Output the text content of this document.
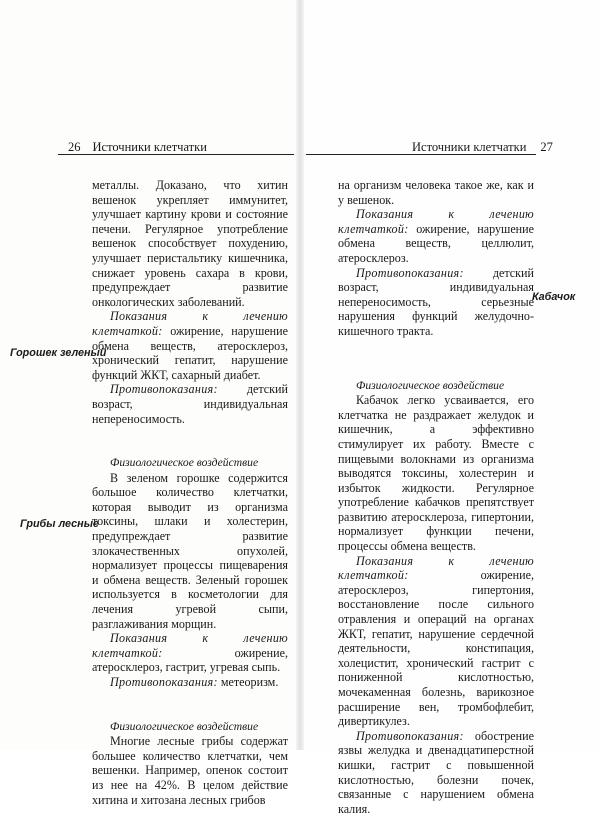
26 Источники клетчатки	Источники клетчатки 27
Горошек зеленый
Грибы лесные
Кабачок

металлы. Доказано, что хитин вешенок укрепляет иммунитет, улучшает картину крови и состояние печени. Регулярное употребление вешенок способствует похудению, улучшает перистальтику кишечника, снижает уровень сахара в крови, предупреждает развитие онкологических заболеваний.

Показания к лечению клетчаткой: ожирение, нарушение обмена веществ, атеросклероз, хронический гепатит, нарушение функций ЖКТ, сахарный диабет.

Противопоказания: детский возраст, индивидуальная непереносимость.

Физиологическое воздействие

В зеленом горошке содержится большое количество клетчатки, которая выводит из организма токсины, шлаки и холестерин, предупреждает развитие злокачественных опухолей, нормализует процессы пищеварения и обмена веществ. Зеленый горошек используется в косметологии для лечения угревой сыпи, разглаживания морщин.

Показания к лечению клетчаткой: ожирение, атеросклероз, гастрит, угревая сыпь.

Противопоказания: метеоризм.

Физиологическое воздействие

Многие лесные грибы содержат большее количество клетчатки, чем вешенки. Например, опенок состоит из нее на 42%. В целом действие хитина и хитозана лесных грибов

на организм человека такое же, как и у вешенок.

Показания к лечению клетчаткой: ожирение, нарушение обмена веществ, целлюлит, атеросклероз.

Противопоказания: детский возраст, индивидуальная непереносимость, серьезные нарушения функций желудочно-кишечного тракта.

Физиологическое воздействие

Кабачок легко усваивается, его клетчатка не раздражает желудок и кишечник, а эффективно стимулирует их работу. Вместе с пищевыми волокнами из организма выводятся токсины, холестерин и избыток жидкости. Регулярное употребление кабачков препятствует развитию атеросклероза, гипертонии, нормализует функции печени, процессы обмена веществ.

Показания к лечению клетчаткой: ожирение, атеросклероз, гипертония, восстановление после сильного отравления и операций на органах ЖКТ, гепатит, нарушение сердечной деятельности, констипация, холецистит, хронический гастрит с пониженной кислотностью, мочекаменная болезнь, варикозное расширение вен, тромбофлебит, дивертикулез.

Противопоказания: обострение язвы желудка и двенадцатиперстной кишки, гастрит с повышенной кислотностью, болезни почек, связанные с нарушением обмена калия.
